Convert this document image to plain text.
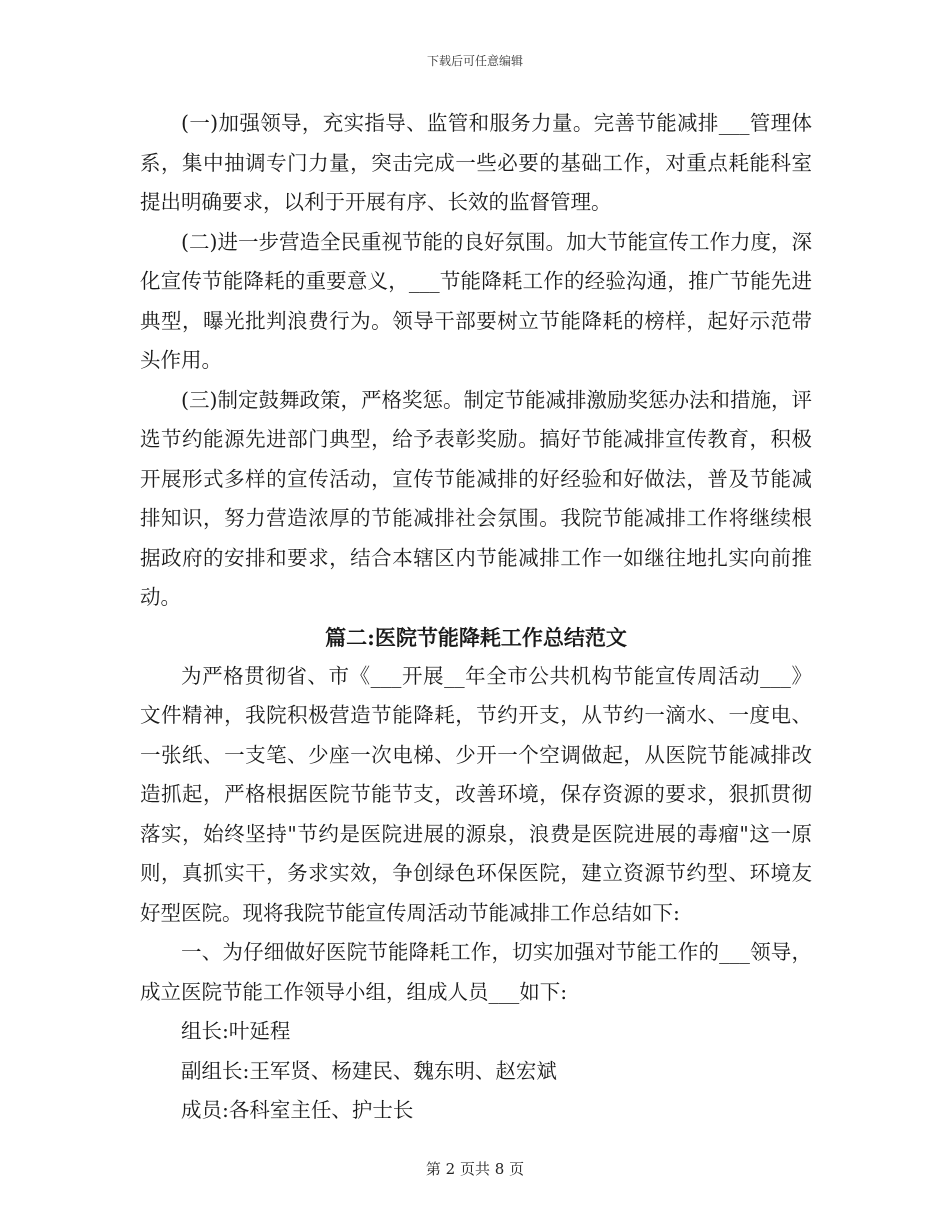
下载后可任意编辑

(一)加强领导，充实指导、监管和服务力量。完善节能减排___管理体系，集中抽调专门力量，突击完成一些必要的基础工作，对重点耗能科室提出明确要求，以利于开展有序、长效的监督管理。

(二)进一步营造全民重视节能的良好氛围。加大节能宣传工作力度，深化宣传节能降耗的重要意义，___节能降耗工作的经验沟通，推广节能先进典型，曝光批判浪费行为。领导干部要树立节能降耗的榜样，起好示范带头作用。

(三)制定鼓舞政策，严格奖惩。制定节能减排激励奖惩办法和措施，评选节约能源先进部门典型，给予表彰奖励。搞好节能减排宣传教育，积极开展形式多样的宣传活动，宣传节能减排的好经验和好做法，普及节能减排知识，努力营造浓厚的节能减排社会氛围。我院节能减排工作将继续根据政府的安排和要求，结合本辖区内节能减排工作一如继往地扎实向前推动。

篇二:医院节能降耗工作总结范文

为严格贯彻省、市《___开展__年全市公共机构节能宣传周活动___》文件精神，我院积极营造节能降耗，节约开支，从节约一滴水、一度电、一张纸、一支笔、少座一次电梯、少开一个空调做起，从医院节能减排改造抓起，严格根据医院节能节支，改善环境，保存资源的要求，狠抓贯彻落实，始终坚持"节约是医院进展的源泉，浪费是医院进展的毒瘤"这一原则，真抓实干，务求实效，争创绿色环保医院，建立资源节约型、环境友好型医院。现将我院节能宣传周活动节能减排工作总结如下:

一、为仔细做好医院节能降耗工作，切实加强对节能工作的___领导，成立医院节能工作领导小组，组成人员___如下:

组长:叶延程

副组长:王军贤、杨建民、魏东明、赵宏斌

成员:各科室主任、护士长

第 2 页共 8 页
